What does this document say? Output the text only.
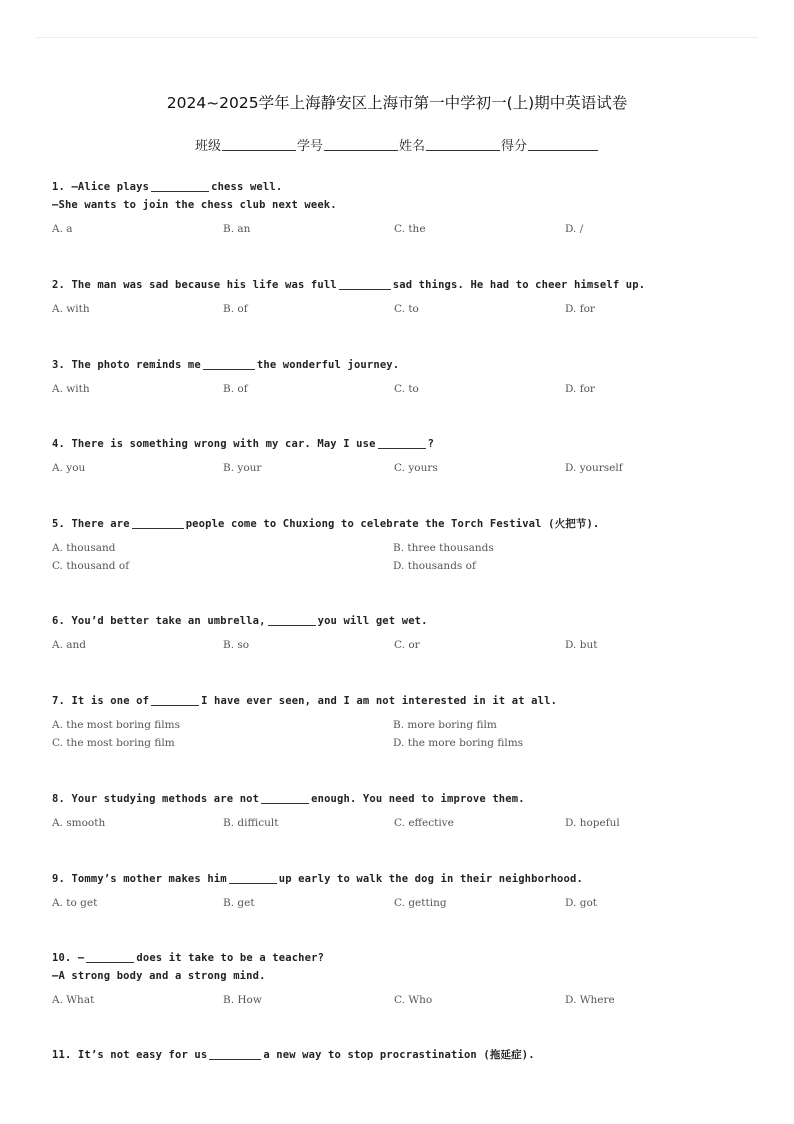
2024~2025学年上海静安区上海市第一中学初一(上)期中英语试卷
班级	学号	姓名	得分
1. —Alice plays	chess well.
—She wants to join the chess club next week.
A. a	B. an	C. the	D. /
2. The man was sad because his life was full	sad things. He had to cheer himself up.
A. with	B. of	C. to	D. for
3. The photo reminds me	the wonderful journey.
A. with	B. of	C. to	D. for
4. There is something wrong with my car. May I use	?
A. you	B. your	C. yours	D. yourself
5. There are	people come to Chuxiong to celebrate the Torch Festival (火把节).
A. thousand	B. three thousands
C. thousand of	D. thousands of
6. You’d better take an umbrella,	you will get wet.
A. and	B. so	C. or	D. but
7. It is one of	I have ever seen, and I am not interested in it at all.
A. the most boring films	B. more boring film
C. the most boring film	D. the more boring films
8. Your studying methods are not	enough. You need to improve them.
A. smooth	B. difficult	C. effective	D. hopeful
9. Tommy’s mother makes him	up early to walk the dog in their neighborhood.
A. to get	B. get	C. getting	D. got
10. —	does it take to be a teacher?
—A strong body and a strong mind.
A. What	B. How	C. Who	D. Where
11. It’s not easy for us	a new way to stop procrastination (拖延症).
